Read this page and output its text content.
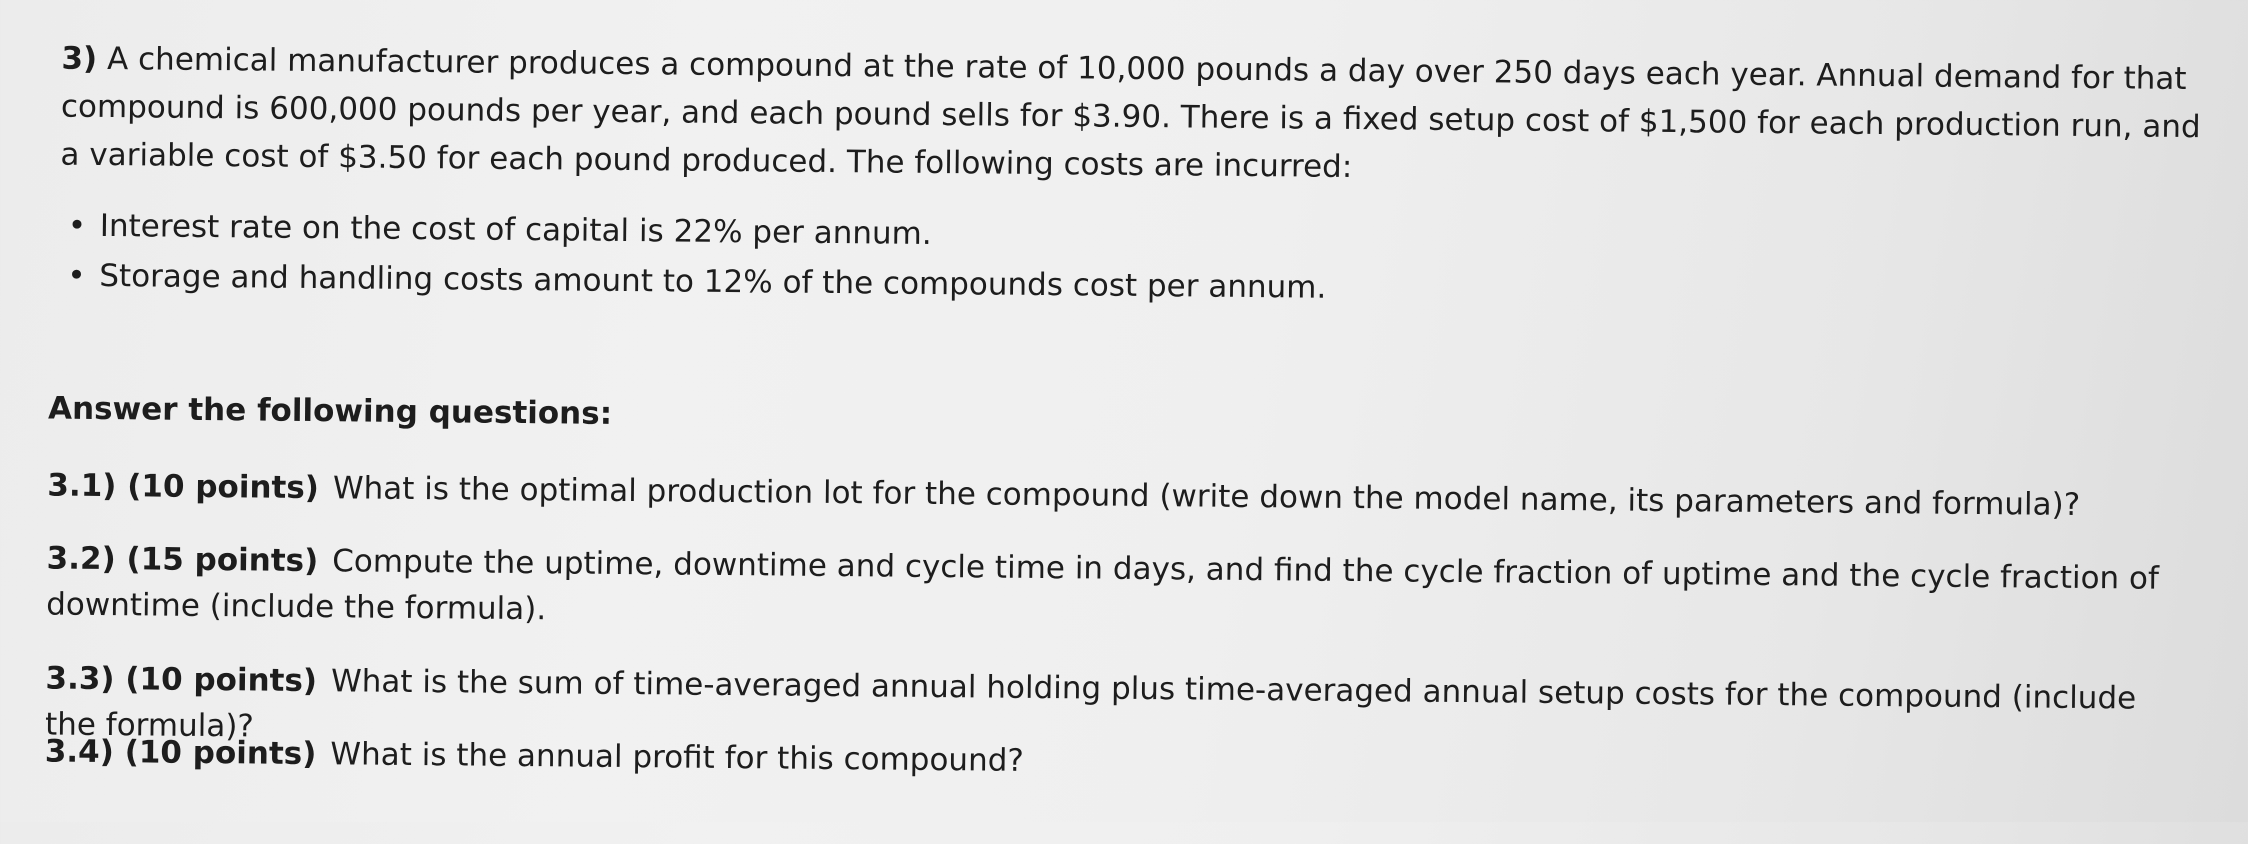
3) A chemical manufacturer produces a compound at the rate of 10,000 pounds a day over 250 days each year. Annual demand for that compound is 600,000 pounds per year, and each pound sells for $3.90. There is a fixed setup cost of $1,500 for each production run, and a variable cost of $3.50 for each pound produced. The following costs are incurred:

• Interest rate on the cost of capital is 22% per annum.
• Storage and handling costs amount to 12% of the compounds cost per annum.

Answer the following questions:

3.1) (10 points) What is the optimal production lot for the compound (write down the model name, its parameters and formula)?

3.2) (15 points) Compute the uptime, downtime and cycle time in days, and find the cycle fraction of uptime and the cycle fraction of downtime (include the formula).

3.3) (10 points) What is the sum of time-averaged annual holding plus time-averaged annual setup costs for the compound (include the formula)?

3.4) (10 points) What is the annual profit for this compound?
